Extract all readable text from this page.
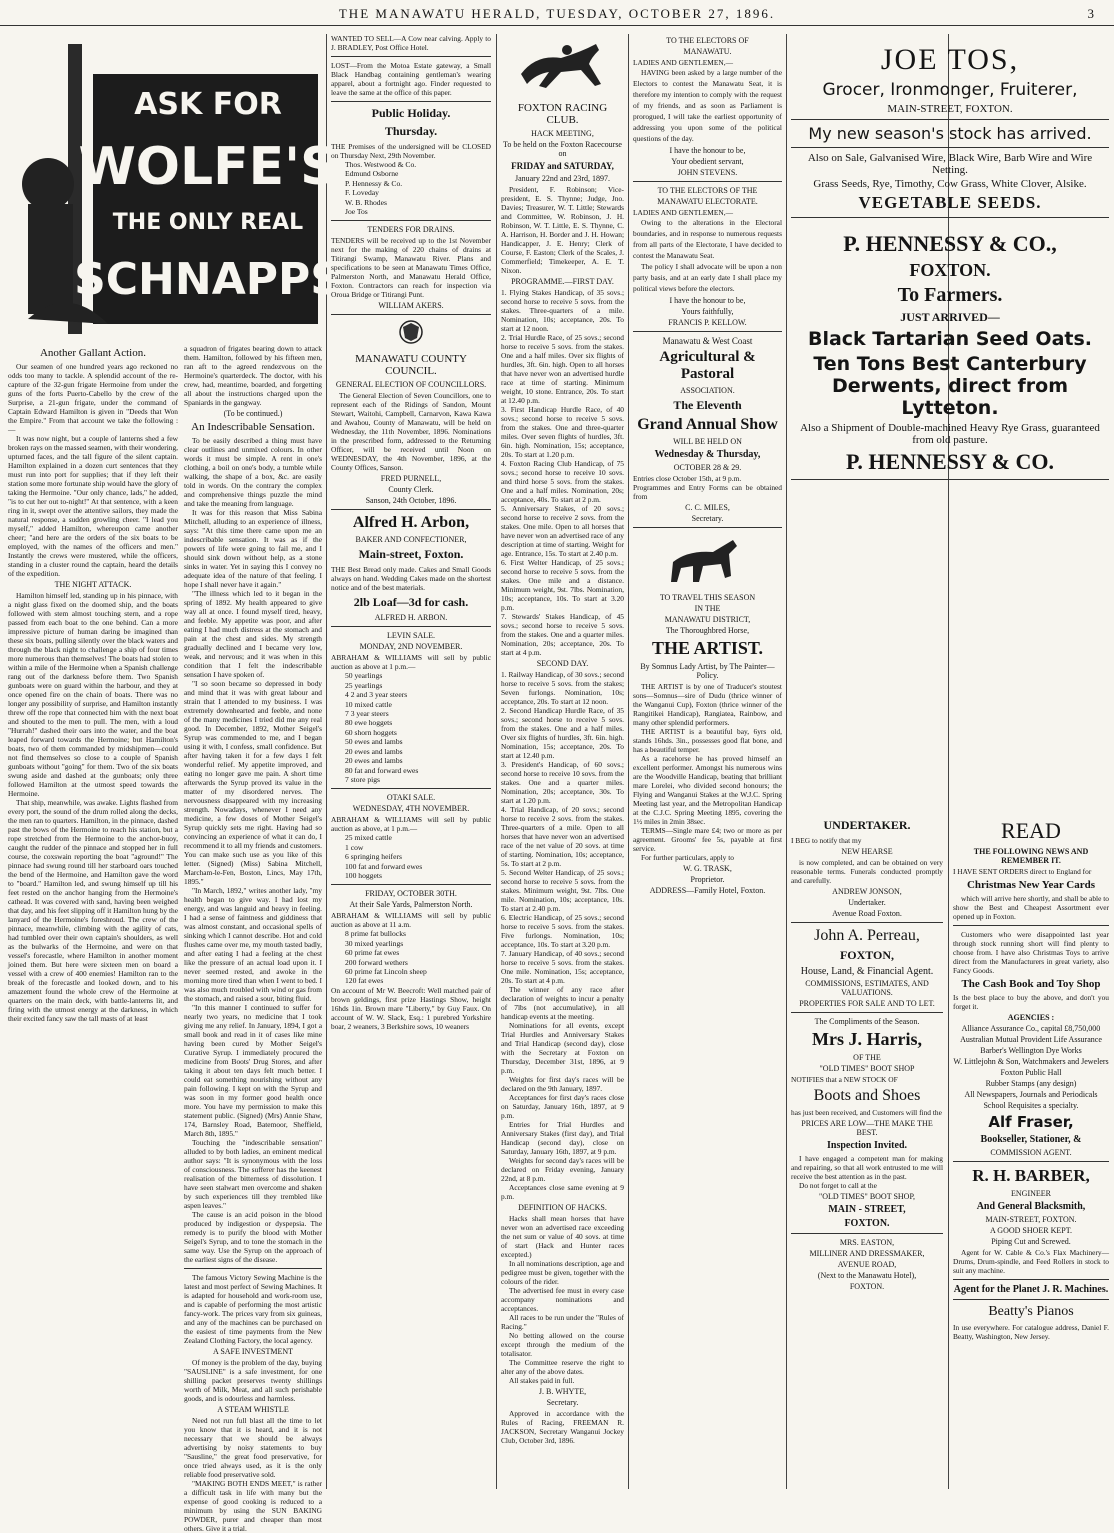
THE MANAWATU HERALD, TUESDAY, OCTOBER 27, 1896.	3
ASK FOR
WOLFE'S
THE ONLY REAL
SCHNAPPS
Another Gallant Action.

Our seamen of one hundred years ago reckoned no odds too many to tackle. A splendid account of the re-capture of the 32-gun frigate Hermoine from under the guns of the forts Puerto-Cabello by the crew of the Surprise, a 21-gun frigate, under the command of Captain Edward Hamilton is given in "Deeds that Won the Empire." From that account we take the following :—

It was now night, but a couple of lanterns shed a few broken rays on the massed seamen, with their wondering, upturned faces, and the tall figure of the silent captain. Hamilton explained in a dozen curt sentences that they must run into port for supplies; that if they left their station some more fortunate ship would have the glory of taking the Hermoine. "Our only chance, lads," he added, "is to cut her out to-night!" At that sentence, with a keen ring in it, swept over the attentive sailors, they made the natural response, a sudden growling cheer. "I lead you myself," added Hamilton, whereupon came another cheer; "and here are the orders of the six boats to be employed, with the names of the officers and men." Instantly the crews were mustered, while the officers, standing in a cluster round the captain, heard the details of the expedition.

THE NIGHT ATTACK.

Hamilton himself led, standing up in his pinnace, with a night glass fixed on the doomed ship, and the boats followed with stem almost touching stern, and a rope passed from each boat to the one behind. Can a more impressive picture of human daring be imagined than these six boats, pulling silently over the black waters and through the black night to challenge a ship of four times more numerous than themselves! The boats had stolen to within a mile of the Hermoine when a Spanish challenge rang out of the darkness before them. Two Spanish gunboats were on guard within the harbour, and they at once opened fire on the chain of boats. There was no longer any possibility of surprise, and Hamilton instantly threw off the rope that connected him with the next boat and shouted to the men to pull. The men, with a loud "Hurrah!" dashed their oars into the water, and the boat leaped forward towards the Hermoine; but Hamilton's boats, two of them commanded by midshipmen—could not find themselves so close to a couple of Spanish gunboats without "going" for them. Two of the six boats swung aside and dashed at the gunboats; only three followed Hamilton at the utmost speed towards the Hermoine.

That ship, meanwhile, was awake. Lights flashed from every port, the sound of the drum rolled along the decks, the men ran to quarters. Hamilton, in the pinnace, dashed past the bows of the Hermoine to reach his station, but a rope stretched from the Hermoine to the anchor-buoy, caught the rudder of the pinnace and stopped her in full course, the coxswain reporting the boat "aground!" The pinnace had swung round till her starboard oars touched the bend of the Hermoine, and Hamilton gave the word to "board." Hamilton led, and swung himself up till his feet rested on the anchor hanging from the Hermoine's cathead. It was covered with sand, having been weighed that day, and his feet slipping off it Hamilton hung by the lanyard of the Hermoine's foreshroud. The crew of the pinnace, meanwhile, climbing with the agility of cats, had tumbled over their own captain's shoulders, as well as the bulwarks of the Hermoine, and were on that vessel's forecastle, where Hamilton in another moment joined them. But here were sixteen men on board a vessel with a crew of 400 enemies! Hamilton ran to the break of the forecastle and looked down, and to his amazement found the whole crew of the Hermoine at quarters on the main deck, with battle-lanterns lit, and firing with the utmost energy at the darkness, in which their excited fancy saw the tall masts of at least

a squadron of frigates bearing down to attack them. Hamilton, followed by his fifteen men, ran aft to the agreed rendezvous on the Hermoine's quarterdeck. The doctor, with his crew, had, meantime, boarded, and forgetting all about the instructions charged upon the Spaniards in the gangway.

(To be continued.)
An Indescribable Sensation.

To be easily described a thing must have clear outlines and unmixed colours. In other words it must be simple. A rent in one's clothing, a boil on one's body, a tumble while walking, the shape of a box, &c. are easily told in words. On the contrary the complex and comprehensive things puzzle the mind and take the meaning from language.

It was for this reason that Miss Sabina Mitchell, alluding to an experience of illness, says: "At this time there came upon me an indescribable sensation. It was as if the powers of life were going to fail me, and I should sink down without help, as a stone sinks in water. Yet in saying this I convey no adequate idea of the nature of that feeling. I hope I shall never have it again."

"The illness which led to it began in the spring of 1892. My health appeared to give way all at once. I found myself tired, heavy, and feeble. My appetite was poor, and after eating I had much distress at the stomach and pain at the chest and sides. My strength gradually declined and I became very low, weak, and nervous; and it was when in this condition that I felt the indescribable sensation I have spoken of.

"I so soon became so depressed in body and mind that it was with great labour and strain that I attended to my business. I was extremely downhearted and feeble, and none of the many medicines I tried did me any real good. In December, 1892, Mother Seigel's Syrup was commended to me, and I began using it with, I confess, small confidence. But after having taken it for a few days I felt wonderful relief. My appetite improved, and eating no longer gave me pain. A short time afterwards the Syrup proved its value in the matter of my disordered nerves. The nervousness disappeared with my increasing strength. Nowadays, whenever I need any medicine, a few doses of Mother Seigel's Syrup quickly sets me right. Having had so convincing an experience of what it can do, I recommend it to all my friends and customers. You can make such use as you like of this letter. (Signed) (Miss) Sabina Mitchell, Marcham-le-Fen, Boston, Lincs, May 17th, 1895."

"In March, 1892," writes another lady, "my health began to give way. I had lost my energy, and was languid and heavy in feeling. I had a sense of faintness and giddiness that was almost constant, and occasional spells of sinking which I cannot describe. Hot and cold flushes came over me, my mouth tasted badly, and after eating I had a feeling at the chest like the pressure of an actual load upon it. I never seemed rested, and awoke in the morning more tired than when I went to bed. I was also much troubled with wind or gas from the stomach, and raised a sour, biting fluid.

"In this manner I continued to suffer for nearly two years, no medicine that I took giving me any relief. In January, 1894, I got a small book and read in it of cases like mine having been cured by Mother Seigel's Curative Syrup. I immediately procured the medicine from Boots' Drug Stores, and after taking it about ten days felt much better. I could eat something nourishing without any pain following. I kept on with the Syrup and was soon in my former good health once more. You have my permission to make this statement public. (Signed) (Mrs) Annie Shaw, 174, Barnsley Road, Batemoor, Sheffield, March 8th, 1895."

Touching the "indescribable sensation" alluded to by both ladies, an eminent medical author says: "It is synonymous with the loss of consciousness. The sufferer has the keenest realisation of the bitterness of dissolution. I have seen stalwart men overcome and shaken by such experiences till they trembled like aspen leaves."

The cause is an acid poison in the blood produced by indigestion or dyspepsia. The remedy is to purify the blood with Mother Seigel's Syrup, and to tone the stomach in the same way. Use the Syrup on the approach of the earliest signs of the disease.

The famous Victory Sewing Machine is the latest and most perfect of Sewing Machines. It is adapted for household and work-room use, and is capable of performing the most artistic fancy-work. The prices vary from six guineas, and any of the machines can be purchased on the easiest of time payments from the New Zealand Clothing Factory, the local agency.

A SAFE INVESTMENT

Of money is the problem of the day, buying "SAUSLINE" is a safe investment, for one shilling packet preserves twenty shillings worth of Milk, Meat, and all such perishable goods, and is odourless and harmless.

A STEAM WHISTLE

Need not run full blast all the time to let you know that it is heard, and it is not necessary that we should be always advertising by noisy statements to buy "Sausline," the great food preservative, for once tried always used, as it is the only reliable food preservative sold.

"MAKING BOTH ENDS MEET," is rather a difficult task in life with many but the expense of good cooking is reduced to a minimum by using the SUN BAKING POWDER, purer and cheaper than most others. Give it a trial.

WANTED TO SELL—A Cow near calving. Apply to J. BRADLEY, Post Office Hotel.

LOST—From the Motoa Estate gateway, a Small Black Handbag containing gentleman's wearing apparel, about a fortnight ago. Finder requested to leave the same at the office of this paper.

Public Holiday.
Thursday.

THE Premises of the undersigned will be CLOSED on Thursday Next, 29th November.

Thos. Westwood & Co.
Edmund Osborne
P. Hennessy & Co.
F. Loveday
W. B. Rhodes
Joe Tos
TENDERS FOR DRAINS.

TENDERS will be received up to the 1st November next for the making of 220 chains of drains at Titirangi Swamp, Manawatu River. Plans and specifications to be seen at Manawatu Times Office, Palmerston North, and Manawatu Herald Office, Foxton. Contractors can reach for inspection via Oroua Bridge or Titirangi Punt.

WILLIAM AKERS.
MANAWATU COUNTY COUNCIL.
GENERAL ELECTION OF COUNCILLORS.

The General Election of Seven Councillors, one to represent each of the Ridings of Sandon, Mount Stewart, Waitohi, Campbell, Carnarvon, Kawa Kawa and Awahou, County of Manawatu, will be held on Wednesday, the 11th November, 1896. Nominations in the prescribed form, addressed to the Returning Officer, will be received until Noon on WEDNESDAY, the 4th November, 1896, at the County Offices, Sanson.

FRED PURNELL,
County Clerk.
Sanson, 24th October, 1896.
Alfred H. Arbon,
BAKER AND CONFECTIONER,
Main-street, Foxton.

THE Best Bread only made. Cakes and Small Goods always on hand. Wedding Cakes made on the shortest notice and of the best materials.

2lb Loaf—3d for cash.
ALFRED H. ARBON.
LEVIN SALE.
MONDAY, 2ND NOVEMBER.

ABRAHAM & WILLIAMS will sell by public auction as above at 1 p.m.—

50 yearlings
25 yearlings
4 2 and 3 year steers
10 mixed cattle
7 3 year steers
80 ewe hoggets
60 shorn hoggets
50 ewes and lambs
20 ewes and lambs
20 ewes and lambs
80 fat and forward ewes
7 store pigs
OTAKI SALE.
WEDNESDAY, 4TH NOVEMBER.

ABRAHAM & WILLIAMS will sell by public auction as above, at 1 p.m.—

25 mixed cattle
1 cow
6 springing heifers
100 fat and forward ewes
100 hoggets
FRIDAY, OCTOBER 30TH.
At their Sale Yards, Palmerston North.

ABRAHAM & WILLIAMS will sell by public auction as above at 11 a.m.

8 prime fat bullocks
30 mixed yearlings
60 prime fat ewes
200 forward wethers
60 prime fat Lincoln sheep
120 fat ewes

On account of Mr W. Beecroft: Well matched pair of brown geldings, first prize Hastings Show, height 16hds 1in. Brown mare "Liberty," by Guy Faux. On account of W. W. Slack, Esq.: 1 purebred Yorkshire boar, 2 weaners, 3 Berkshire sows, 10 weaners

FOXTON RACING CLUB.
HACK MEETING,
To be held on the Foxton Racecourse on
FRIDAY and SATURDAY,
January 22nd and 23rd, 1897.

President, F. Robinson; Vice-president, E. S. Thynne; Judge, Jno. Davies; Treasurer, W. T. Little; Stewards and Committee, W. Robinson, J. H. Robinson, W. T. Little, E. S. Thynne, C. A. Harrison, H. Border and J. H. Howan; Handicapper, J. E. Henry; Clerk of Course, F. Easton; Clerk of the Scales, J. Commerfield; Timekeeper, A. E. T. Nixon.

PROGRAMME.—FIRST DAY.

1. Flying Stakes Handicap, of 35 sovs.; second horse to receive 5 sovs. from the stakes. Three-quarters of a mile. Nomination, 10s; acceptance, 20s. To start at 12 noon.

2. Trial Hurdle Race, of 25 sovs.; second horse to receive 5 sovs. from the stakes. One and a half miles. Over six flights of hurdles, 3ft. 6in. high. Open to all horses that have never won an advertised hurdle race at time of starting. Minimum weight, 10 stone. Entrance, 20s. To start at 12.40 p.m.

3. First Handicap Hurdle Race, of 40 sovs.; second horse to receive 5 sovs. from the stakes. One and three-quarter miles. Over seven flights of hurdles, 3ft. 6in. high. Nomination, 15s; acceptance, 20s. To start at 1.20 p.m.

4. Foxton Racing Club Handicap, of 75 sovs.; second horse to receive 10 sovs. and third horse 5 sovs. from the stakes. One and a half miles. Nomination, 20s; acceptance, 40s. To start at 2 p.m.

5. Anniversary Stakes, of 20 sovs.; second horse to receive 2 sovs. from the stakes. One mile. Open to all horses that have never won an advertised race of any description at time of starting. Weight for age. Entrance, 15s. To start at 2.40 p.m.

6. First Welter Handicap, of 25 sovs.; second horse to receive 5 sovs. from the stakes. One mile and a distance. Minimum weight, 9st. 7lbs. Nomination, 10s; acceptance, 10s. To start at 3.20 p.m.

7. Stewards' Stakes Handicap, of 45 sovs.; second horse to receive 5 sovs. from the stakes. One and a quarter miles. Nomination, 20s; acceptance, 20s. To start at 4 p.m.

SECOND DAY.

1. Railway Handicap, of 30 sovs.; second horse to receive 5 sovs. from the stakes; Seven furlongs. Nomination, 10s; acceptance, 20s. To start at 12 noon.

2. Second Handicap Hurdle Race, of 35 sovs.; second horse to receive 5 sovs. from the stakes. One and a half miles. Over six flights of hurdles, 3ft. 6in. high. Nomination, 15s; acceptance, 20s. To start at 12.40 p.m.

3. President's Handicap, of 60 sovs.; second horse to receive 10 sovs. from the stakes. One and a quarter miles. Nomination, 20s; acceptance, 30s. To start at 1.20 p.m.

4. Trial Handicap, of 20 sovs.; second horse to receive 2 sovs. from the stakes. Three-quarters of a mile. Open to all horses that have never won an advertised race of the net value of 20 sovs. at time of starting. Nomination, 10s; acceptance, 5s. To start at 2 p.m.

5. Second Welter Handicap, of 25 sovs.; second horse to receive 5 sovs. from the stakes. Minimum weight, 9st. 7lbs. One mile. Nomination, 10s; acceptance, 10s. To start at 2.40 p.m.

6. Electric Handicap, of 25 sovs.; second horse to receive 5 sovs. from the stakes. Five furlongs. Nomination, 10s; acceptance, 10s. To start at 3.20 p.m.

7. January Handicap, of 40 sovs.; second horse to receive 5 sovs. from the stakes. One mile. Nomination, 15s; acceptance, 20s. To start at 4 p.m.

The winner of any race after declaration of weights to incur a penalty of 7lbs (not accumulative), in all handicap events at the meeting.

Nominations for all events, except Trial Hurdles and Anniversary Stakes and Trial Handicap (second day), close with the Secretary at Foxton on Thursday, December 31st, 1896, at 9 p.m.

Weights for first day's races will be declared on the 9th January, 1897.

Acceptances for first day's races close on Saturday, January 16th, 1897, at 9 p.m.

Entries for Trial Hurdles and Anniversary Stakes (first day), and Trial Handicap (second day), close on Saturday, January 16th, 1897, at 9 p.m.

Weights for second day's races will be declared on Friday evening, January 22nd, at 8 p.m.

Acceptances close same evening at 9 p.m.

DEFINITION OF HACKS.

Hacks shall mean horses that have never won an advertised race exceeding the net sum or value of 40 sovs. at time of start (Hack and Hunter races excepted.)

In all nominations description, age and pedigree must be given, together with the colours of the rider.

The advertised fee must in every case accompany nominations and acceptances.

All races to be run under the "Rules of Racing."

No betting allowed on the course except through the medium of the totalisator.

The Committee reserve the right to alter any of the above dates.

All stakes paid in full.

J. B. WHYTE,
Secretary.

Approved in accordance with the Rules of Racing, FREEMAN R. JACKSON, Secretary Wanganui Jockey Club, October 3rd, 1896.

TO THE ELECTORS OF
MANAWATU.

LADIES AND GENTLEMEN,—

HAVING been asked by a large number of the Electors to contest the Manawatu Seat, it is therefore my intention to comply with the request of my friends, and as soon as Parliament is prorogued, I will take the earliest opportunity of addressing you upon some of the political questions of the day.

I have the honour to be,
Your obedient servant,
JOHN STEVENS.
TO THE ELECTORS OF THE
MANAWATU ELECTORATE.

LADIES AND GENTLEMEN,—

Owing to the alterations in the Electoral boundaries, and in response to numerous requests from all parts of the Electorate, I have decided to contest the Manawatu Seat.

The policy I shall advocate will be upon a non party basis, and at an early date I shall place my political views before the electors.

I have the honour to be,
Yours faithfully,
FRANCIS P. KELLOW.
Manawatu & West Coast
Agricultural & Pastoral
ASSOCIATION.
The Eleventh
Grand Annual Show
WILL BE HELD ON
Wednesday & Thursday,
OCTOBER 28 & 29.

Entries close October 15th, at 9 p.m.

Programmes and Entry Forms can be obtained from

C. C. MILES,
Secretary.
TO TRAVEL THIS SEASON
IN THE
MANAWATU DISTRICT,
The Thoroughbred Horse,
THE ARTIST.
By Somnus Lady Artist, by The Painter—Policy.

THE ARTIST is by one of Traducer's stoutest sons—Somnus—sire of Dudu (thrice winner of the Wanganui Cup), Foxton (thrice winner of the Rangitikei Handicap), Rangiatea, Rainbow, and many other splendid performers.

THE ARTIST is a beautiful bay, 6yrs old, stands 16hds. 3in., possesses good flat bone, and has a beautiful temper.

As a racehorse he has proved himself an excellent performer. Amongst his numerous wins are the Woodville Handicap, beating that brilliant mare Lorelei, who divided second honours; the Flying and Wanganui Stakes at the W.J.C. Spring Meeting last year, and the Metropolitan Handicap at the C.J.C. Spring Meeting 1895, covering the 1½ miles in 2min 38sec.

TERMS—Single mare £4; two or more as per agreement. Grooms' fee 5s, payable at first service.

For further particulars, apply to

W. G. TRASK,
Proprietor.
ADDRESS—Family Hotel, Foxton.
JOE TOS,
Grocer, Ironmonger, Fruiterer,
MAIN-STREET, FOXTON.
My new season's stock has arrived.
Also on Sale, Galvanised Wire, Black Wire, Barb Wire and Wire Netting.
Grass Seeds, Rye, Timothy, Cow Grass, White Clover, Alsike.
VEGETABLE SEEDS.
P. HENNESSY & CO.,
FOXTON.
To Farmers.
JUST ARRIVED—
Black Tartarian Seed Oats.
Ten Tons Best Canterbury Derwents, direct from Lytteton.
Also a Shipment of Double-machined Heavy Rye Grass, guaranteed from old pasture.
P. HENNESSY & CO.
UNDERTAKER.

I BEG to notify that my

NEW HEARSE

is now completed, and can be obtained on very reasonable terms. Funerals conducted promptly and carefully.

ANDREW JONSON,
Undertaker.
Avenue Road Foxton.
John A. Perreau,
FOXTON,
House, Land, & Financial Agent.
COMMISSIONS, ESTIMATES, AND VALUATIONS.
PROPERTIES FOR SALE AND TO LET.
The Compliments of the Season.
Mrs J. Harris,
OF THE
"OLD TIMES" BOOT SHOP

NOTIFIES that a NEW STOCK OF

Boots and Shoes

has just been received, and Customers will find the

PRICES ARE LOW—THE MAKE THE BEST.
Inspection Invited.

I have engaged a competent man for making and repairing, so that all work entrusted to me will receive the best attention as in the past.

Do not forget to call at the

"OLD TIMES" BOOT SHOP,
MAIN - STREET,
FOXTON.
MRS. EASTON,
MILLINER AND DRESSMAKER,
AVENUE ROAD,
(Next to the Manawatu Hotel),
FOXTON.
READ
THE FOLLOWING NEWS AND REMEMBER IT.

I HAVE SENT ORDERS direct to England for

Christmas New Year Cards

which will arrive here shortly, and shall be able to show the Best and Cheapest Assortment ever opened up in Foxton.

Customers who were disappointed last year through stock running short will find plenty to choose from. I have also Christmas Toys to arrive direct from the Manufacturers in great variety, also Fancy Goods.

The Cash Book and Toy Shop

Is the best place to buy the above, and don't you forget it.

AGENCIES :
Alliance Assurance Co., capital £8,750,000
Australian Mutual Provident Life Assurance
Barber's Wellington Dye Works
W. Littlejohn & Son, Watchmakers and Jewelers
Foxton Public Hall
Rubber Stamps (any design)
All Newspapers, Journals and Periodicals
School Requisites a specialty.
Alf Fraser,
Bookseller, Stationer, &
COMMISSION AGENT.
R. H. BARBER,
ENGINEER
And General Blacksmith,
MAIN-STREET, FOXTON.
A GOOD SHOER KEPT.
Piping Cut and Screwed.

Agent for W. Cable & Co.'s Flax Machinery—Drums, Drum-spindle, and Feed Rollers in stock to suit any machine.

Agent for the Planet J. R. Machines.
Beatty's Pianos

In use everywhere. For catalogue address, Daniel F. Beatty, Washington, New Jersey.
